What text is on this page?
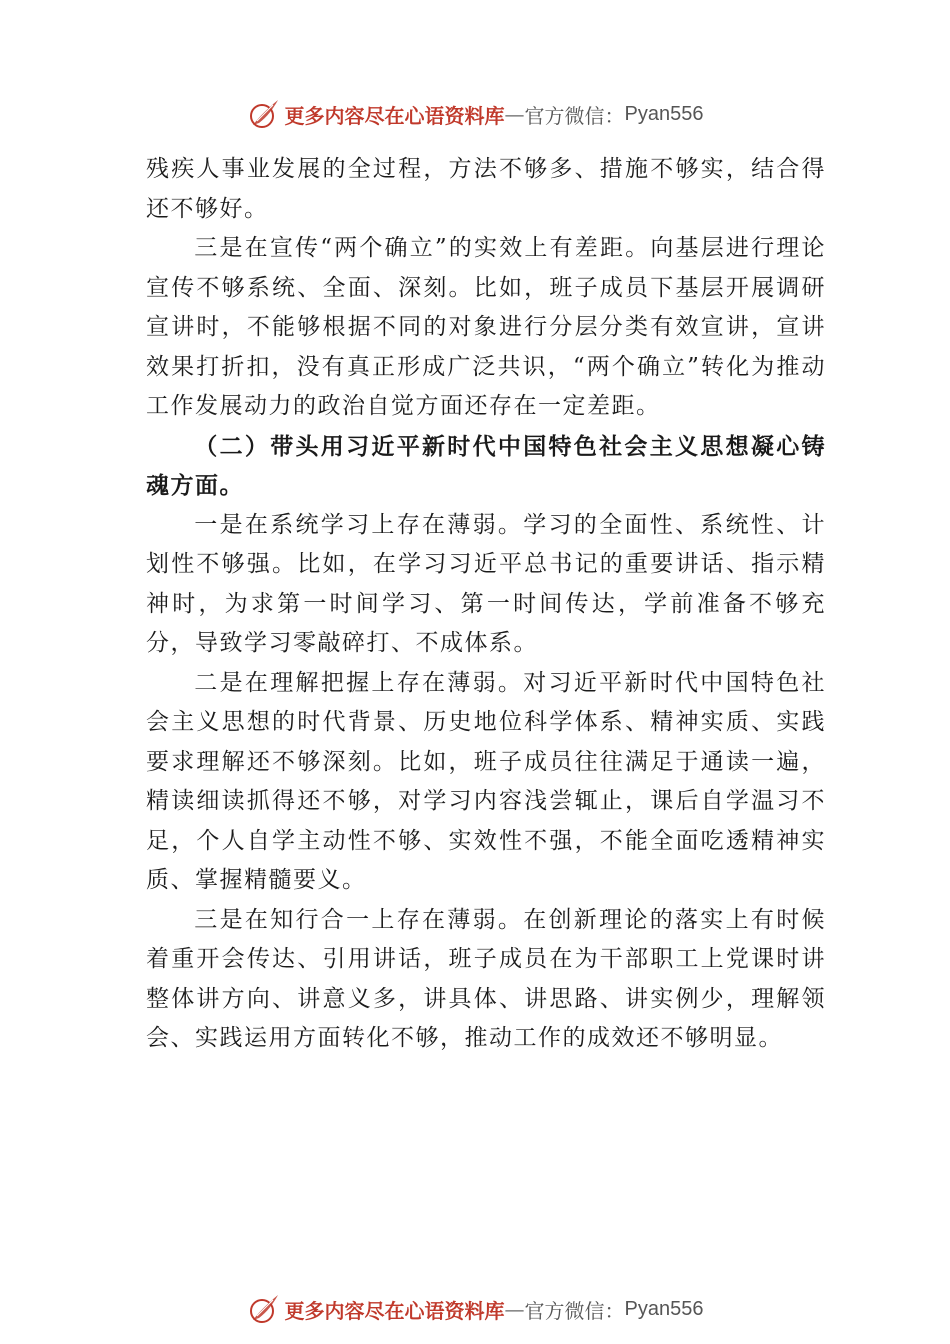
更多内容尽在心语资料库 — 官方微信： Pyan556

残疾人事业发展的全过程，方法不够多、措施不够实，结合得还不够好。

三是在宣传“两个确立”的实效上有差距。向基层进行理论宣传不够系统、全面、深刻。比如，班子成员下基层开展调研宣讲时，不能够根据不同的对象进行分层分类有效宣讲，宣讲效果打折扣，没有真正形成广泛共识，“两个确立”转化为推动工作发展动力的政治自觉方面还存在一定差距。

（二）带头用习近平新时代中国特色社会主义思想凝心铸魂方面。

一是在系统学习上存在薄弱。学习的全面性、系统性、计划性不够强。比如，在学习习近平总书记的重要讲话、指示精神时，为求第一时间学习、第一时间传达，学前准备不够充分，导致学习零敲碎打、不成体系。

二是在理解把握上存在薄弱。对习近平新时代中国特色社会主义思想的时代背景、历史地位科学体系、精神实质、实践要求理解还不够深刻。比如，班子成员往往满足于通读一遍，精读细读抓得还不够，对学习内容浅尝辄止，课后自学温习不足，个人自学主动性不够、实效性不强，不能全面吃透精神实质、掌握精髓要义。

三是在知行合一上存在薄弱。在创新理论的落实上有时候着重开会传达、引用讲话，班子成员在为干部职工上党课时讲整体讲方向、讲意义多，讲具体、讲思路、讲实例少，理解领会、实践运用方面转化不够，推动工作的成效还不够明显。

更多内容尽在心语资料库 — 官方微信： Pyan556
